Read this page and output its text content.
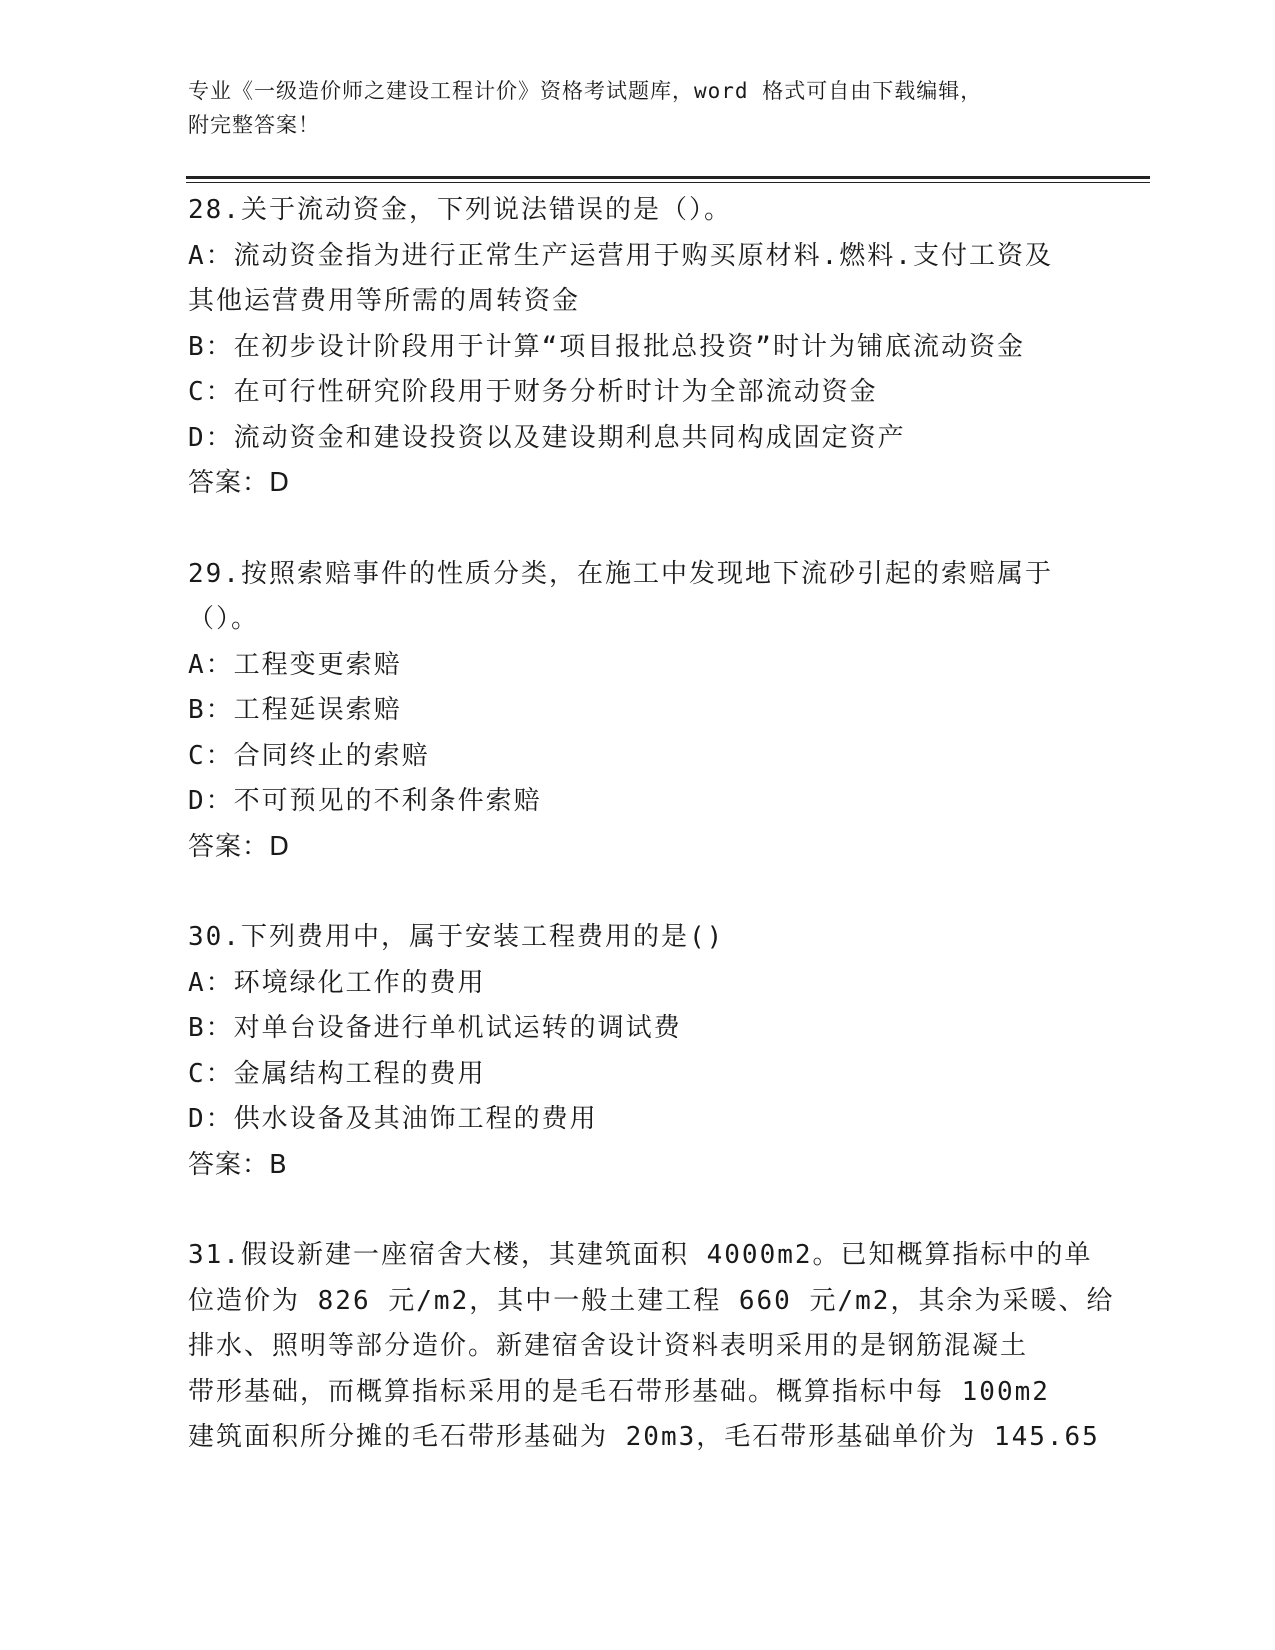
专业《一级造价师之建设工程计价》资格考试题库，word 格式可自由下载编辑，
附完整答案！
28.关于流动资金，下列说法错误的是（）。
A：流动资金指为进行正常生产运营用于购买原材料.燃料.支付工资及
其他运营费用等所需的周转资金
B：在初步设计阶段用于计算“项目报批总投资”时计为铺底流动资金
C：在可行性研究阶段用于财务分析时计为全部流动资金
D：流动资金和建设投资以及建设期利息共同构成固定资产
答案：D
29.按照索赔事件的性质分类，在施工中发现地下流砂引起的索赔属于
（）。
A：工程变更索赔
B：工程延误索赔
C：合同终止的索赔
D：不可预见的不利条件索赔
答案：D
30.下列费用中，属于安装工程费用的是()
A：环境绿化工作的费用
B：对单台设备进行单机试运转的调试费
C：金属结构工程的费用
D：供水设备及其油饰工程的费用
答案：B
31.假设新建一座宿舍大楼，其建筑面积 4000m2。已知概算指标中的单
位造价为 826 元/m2，其中一般土建工程 660 元/m2，其余为采暖、给
排水、照明等部分造价。新建宿舍设计资料表明采用的是钢筋混凝土
带形基础，而概算指标采用的是毛石带形基础。概算指标中每 100m2
建筑面积所分摊的毛石带形基础为 20m3，毛石带形基础单价为 145.65
